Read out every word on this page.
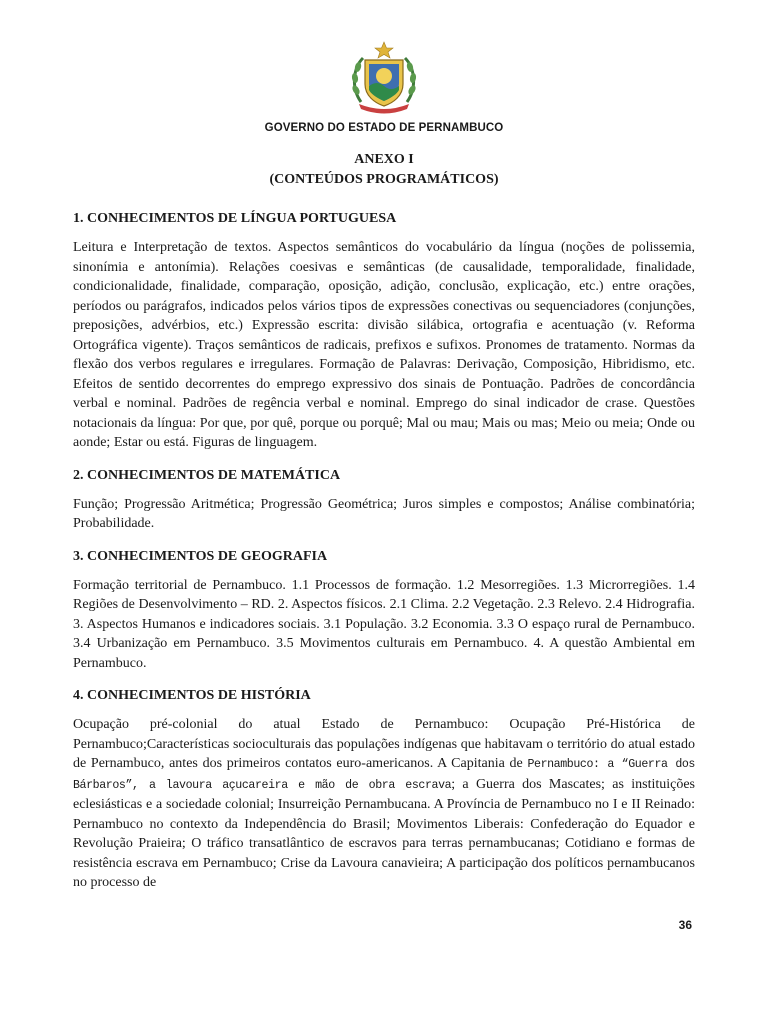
GOVERNO DO ESTADO DE PERNAMBUCO
ANEXO I
(CONTEÚDOS PROGRAMÁTICOS)
1. CONHECIMENTOS DE LÍNGUA PORTUGUESA

Leitura e Interpretação de textos. Aspectos semânticos do vocabulário da língua (noções de polissemia, sinonímia e antonímia). Relações coesivas e semânticas (de causalidade, temporalidade, finalidade, condicionalidade, finalidade, comparação, oposição, adição, conclusão, explicação, etc.) entre orações, períodos ou parágrafos, indicados pelos vários tipos de expressões conectivas ou sequenciadores (conjunções, preposições, advérbios, etc.) Expressão escrita: divisão silábica, ortografia e acentuação (v. Reforma Ortográfica vigente). Traços semânticos de radicais, prefixos e sufixos. Pronomes de tratamento. Normas da flexão dos verbos regulares e irregulares. Formação de Palavras: Derivação, Composição, Hibridismo, etc. Efeitos de sentido decorrentes do emprego expressivo dos sinais de Pontuação. Padrões de concordância verbal e nominal. Padrões de regência verbal e nominal. Emprego do sinal indicador de crase. Questões notacionais da língua: Por que, por quê, porque ou porquê; Mal ou mau; Mais ou mas; Meio ou meia; Onde ou aonde; Estar ou está. Figuras de linguagem.

2. CONHECIMENTOS DE MATEMÁTICA

Função; Progressão Aritmética; Progressão Geométrica; Juros simples e compostos; Análise combinatória; Probabilidade.

3. CONHECIMENTOS DE GEOGRAFIA

Formação territorial de Pernambuco. 1.1 Processos de formação. 1.2 Mesorregiões. 1.3 Microrregiões. 1.4 Regiões de Desenvolvimento – RD. 2. Aspectos físicos. 2.1 Clima. 2.2 Vegetação. 2.3 Relevo. 2.4 Hidrografia. 3. Aspectos Humanos e indicadores sociais. 3.1 População. 3.2 Economia. 3.3 O espaço rural de Pernambuco. 3.4 Urbanização em Pernambuco. 3.5 Movimentos culturais em Pernambuco. 4. A questão Ambiental em Pernambuco.

4. CONHECIMENTOS DE HISTÓRIA

Ocupação pré-colonial do atual Estado de Pernambuco: Ocupação Pré-Histórica de Pernambuco;Características socioculturais das populações indígenas que habitavam o território do atual estado de Pernambuco, antes dos primeiros contatos euro-americanos. A Capitania de Pernambuco: a “Guerra dos Bárbaros”, a lavoura açucareira e mão de obra escrava; a Guerra dos Mascates; as instituições eclesiásticas e a sociedade colonial; Insurreição Pernambucana. A Província de Pernambuco no I e II Reinado: Pernambuco no contexto da Independência do Brasil; Movimentos Liberais: Confederação do Equador e Revolução Praieira; O tráfico transatlântico de escravos para terras pernambucanas; Cotidiano e formas de resistência escrava em Pernambuco; Crise da Lavoura canavieira; A participação dos políticos pernambucanos no processo de

36
